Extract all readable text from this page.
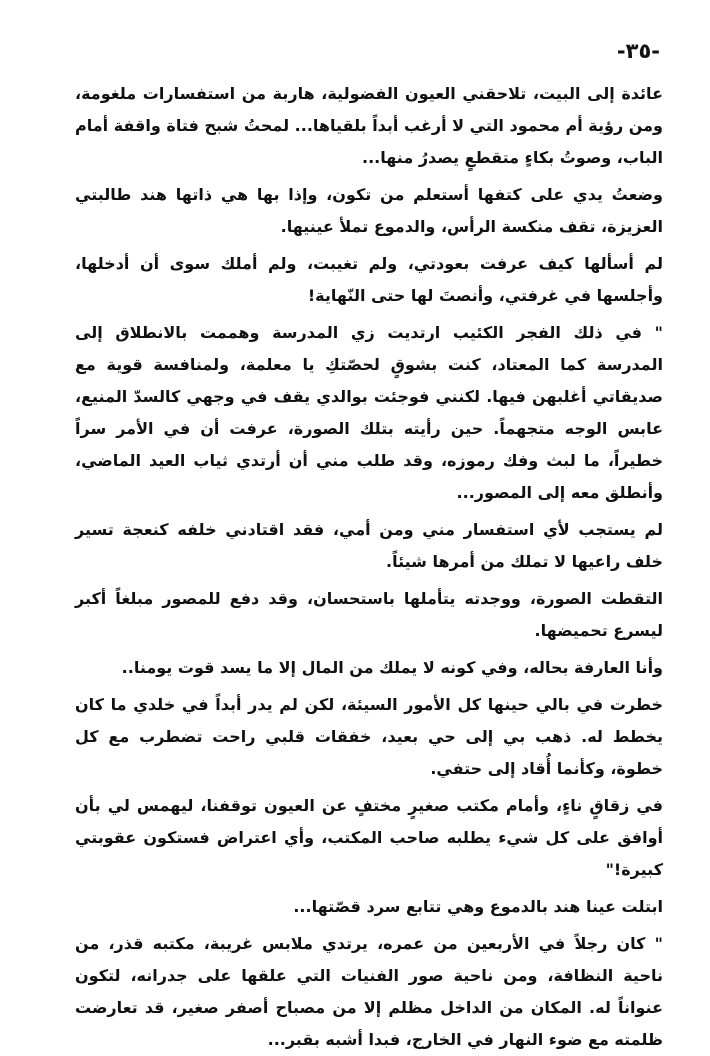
-٣٥-

عائدة إلى البيت، تلاحقني العيون الفضولية، هاربة من استفسارات ملغومة، ومن رؤية أم محمود التي لا أرغب أبداً بلقياها... لمحتُ شبح فتاة واقفة أمام الباب، وصوتُ بكاءٍ متقطعٍ يصدرُ منها...

وضعتُ يدي على كتفها أستعلم من تكون، وإذا بها هي ذاتها هند طالبتي العزيزة، تقف منكسة الرأس، والدموع تملأ عينيها.

لم أسألها كيف عرفت بعودتي، ولم تغيبت، ولم أملك سوى أن أدخلها، وأجلسها في غرفتي، وأنصتَ لها حتى النّهاية!

" في ذلك الفجر الكئيب ارتديت زي المدرسة وهممت بالانطلاق إلى المدرسة كما المعتاد، كنت بشوقٍ لحصّتكِ يا معلمة، ولمنافسة قوية مع صديقاتي أغلبهن فيها. لكنني فوجئت بوالدي يقف في وجهي كالسدّ المنيع، عابس الوجه متجهماً. حين رأيته بتلك الصورة، عرفت أن في الأمر سراً خطيراً، ما لبث وفك رموزه، وقد طلب مني أن أرتدي ثياب العيد الماضي، وأنطلق معه إلى المصور...

لم يستجب لأي استفسار مني ومن أمي، فقد اقتادني خلفه كنعجة تسير خلف راعيها لا تملك من أمرها شيئاً.

التقطت الصورة، ووجدته يتأملها باستحسان، وقد دفع للمصور مبلغاً أكبر ليسرع تحميضها.

وأنا العارفة بحاله، وفي كونه لا يملك من المال إلا ما يسد قوت يومنا..

خطرت في بالي حينها كل الأمور السيئة، لكن لم يدر أبداً في خلدي ما كان يخطط له. ذهب بي إلى حي بعيد، خفقات قلبي راحت تضطرب مع كل خطوة، وكأنما أُقاد إلى حتفي.

في زقاقٍ ناءٍ، وأمام مكتب صغيرٍ مختفٍ عن العيون توقفنا، ليهمس لي بأن أوافق على كل شيء يطلبه صاحب المكتب، وأي اعتراض فستكون عقوبتي كبيرة!"

ابتلت عينا هند بالدموع وهي تتابع سرد قصّتها...

" كان رجلاً في الأربعين من عمره، يرتدي ملابس غريبة، مكتبه قذر، من ناحية النظافة، ومن ناحية صور الفنيات التي علقها على جدرانه، لتكون عنواناً له. المكان من الداخل مظلم إلا من مصباح أصفر صغير، قد تعارضت ظلمته مع ضوء النهار في الخارج، فبدا أشبه بقبر...
